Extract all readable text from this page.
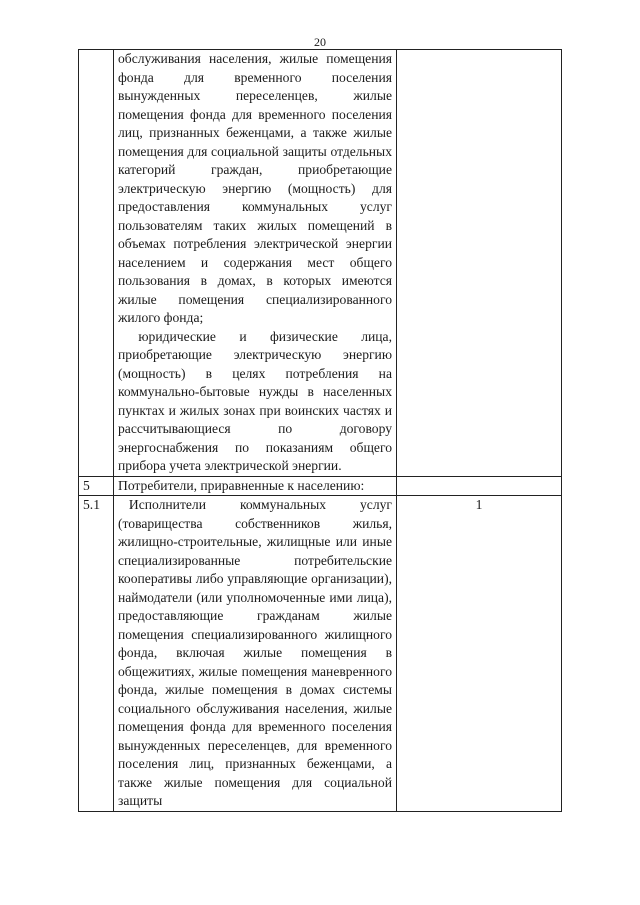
20

	обслуживания населения, жилые помещения фонда для временного поселения вынужденных переселенцев, жилые помещения фонда для временного поселения лиц, признанных беженцами, а также жилые помещения для социальной защиты отдельных категорий граждан, приобретающие электрическую энергию (мощность) для предоставления коммунальных услуг пользователям таких жилых помещений в объемах потребления электрической энергии населением и содержания мест общего пользования в домах, в которых имеются жилые помещения специализированного жилого фонда;
юридические и физические лица, приобретающие электрическую энергию (мощность) в целях потребления на коммунально-бытовые нужды в населенных пунктах и жилых зонах при воинских частях и рассчитывающиеся по договору энергоснабжения по показаниям общего прибора учета электрической энергии.	

5	Потребители, приравненные к населению:	

5.1	Исполнители коммунальных услуг (товарищества собственников жилья, жилищно-строительные, жилищные или иные специализированные потребительские кооперативы либо управляющие организации), наймодатели (или уполномоченные ими лица), предоставляющие гражданам жилые помещения специализированного жилищного фонда, включая жилые помещения в общежитиях, жилые помещения маневренного фонда, жилые помещения в домах системы социального обслуживания населения, жилые помещения фонда для временного поселения вынужденных переселенцев, для временного поселения лиц, признанных беженцами, а также жилые помещения для социальной защиты	1
